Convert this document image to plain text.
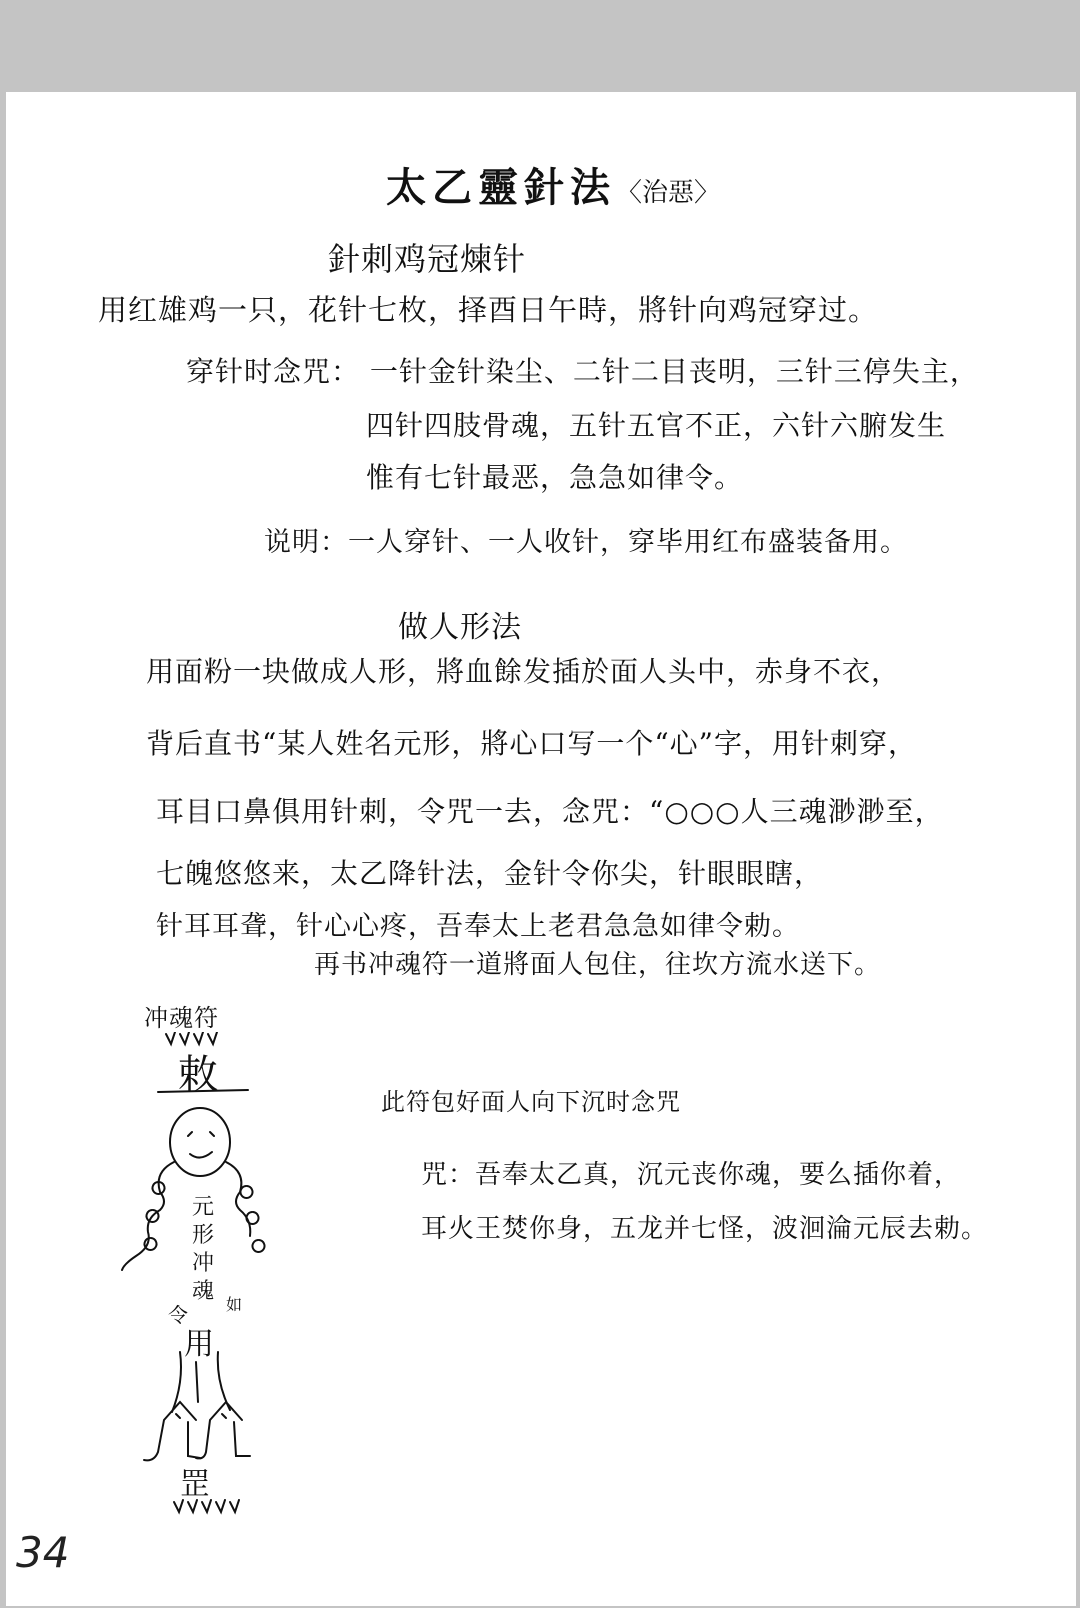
太乙靈針法〈治惡〉
針刺鸡冠煉针
用红雄鸡一只，花针七枚，择酉日午時，將针向鸡冠穿过。
穿针时念咒： 一针金针染尘、二针二目丧明，三针三停失主，
四针四肢骨魂，五针五官不正，六针六腑发生
惟有七针最恶，急急如律令。
说明：一人穿针、一人收针，穿毕用红布盛装备用。
做人形法
用面粉一块做成人形，將血餘发插於面人头中，赤身不衣，
背后直书“某人姓名元形，將心口写一个“心”字，用针刺穿，
耳目口鼻俱用针刺，令咒一去，念咒：“○○○人三魂渺渺至，
七魄悠悠来，太乙降针法，金针令你尖，针眼眼瞎，
针耳耳聋，针心心疼，吾奉太上老君急急如律令勅。
再书冲魂符一道將面人包住，往坎方流水送下。
冲魂符
敕
元
形
冲
魂
令 如
用
罡
此符包好面人向下沉时念咒
咒：吾奉太乙真，沉元丧你魂，要么插你着，
耳火王焚你身，五龙并七怪，波洄淪元辰去勅。
34
